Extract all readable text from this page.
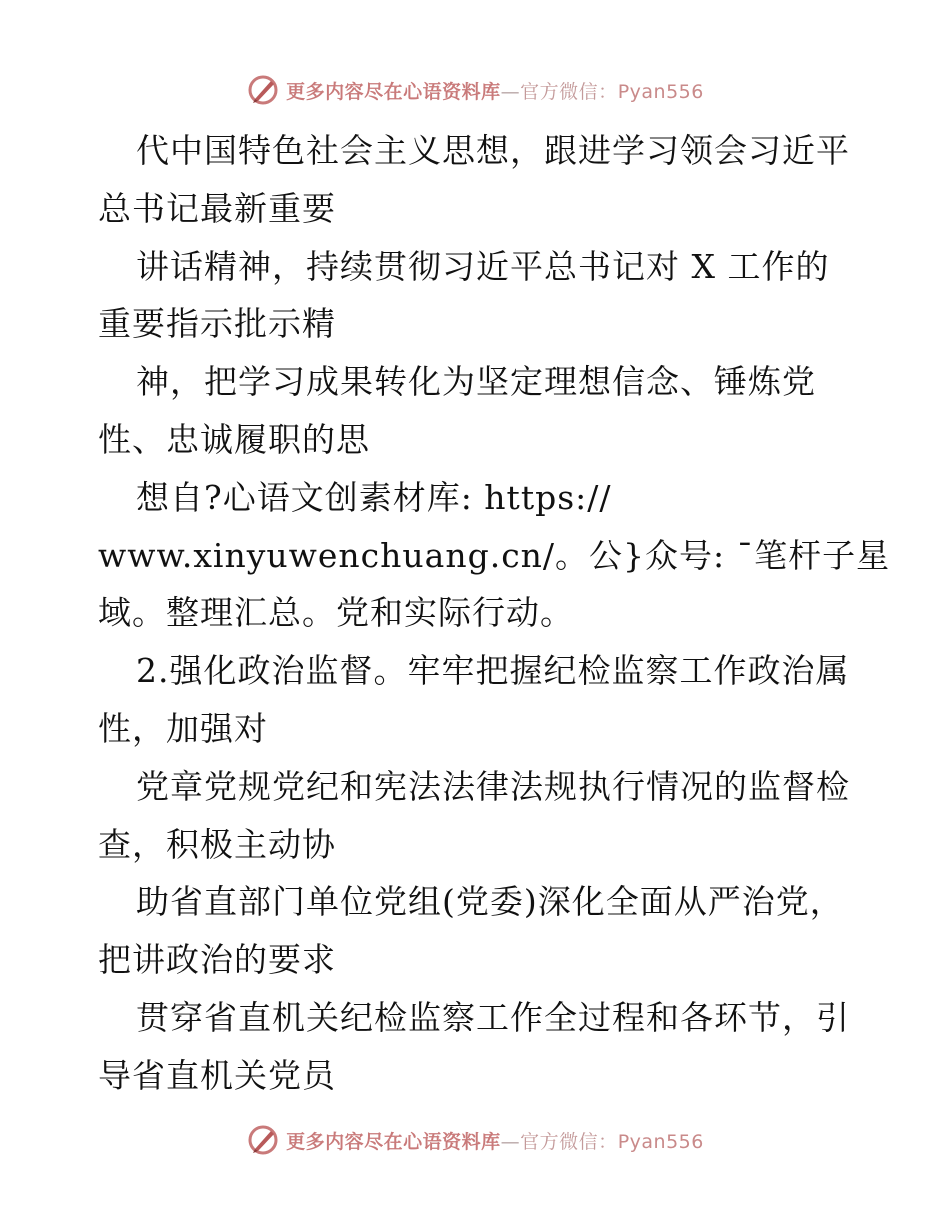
更多内容尽在心语资料库—官方微信：Pyan556
代中国特色社会主义思想，跟进学习领会习近平
总书记最新重要
讲话精神，持续贯彻习近平总书记对 X 工作的
重要指示批示精
神，把学习成果转化为坚定理想信念、锤炼党
性、忠诚履职的思
想自?心语文创素材库: https://
www.xinyuwenchuang.cn/。公}众号: ¯笔杆子星
域。整理汇总。党和实际行动。
2.强化政治监督。牢牢把握纪检监察工作政治属
性，加强对
党章党规党纪和宪法法律法规执行情况的监督检
查，积极主动协
助省直部门单位党组(党委)深化全面从严治党，
把讲政治的要求
贯穿省直机关纪检监察工作全过程和各环节，引
导省直机关党员
更多内容尽在心语资料库—官方微信：Pyan556
